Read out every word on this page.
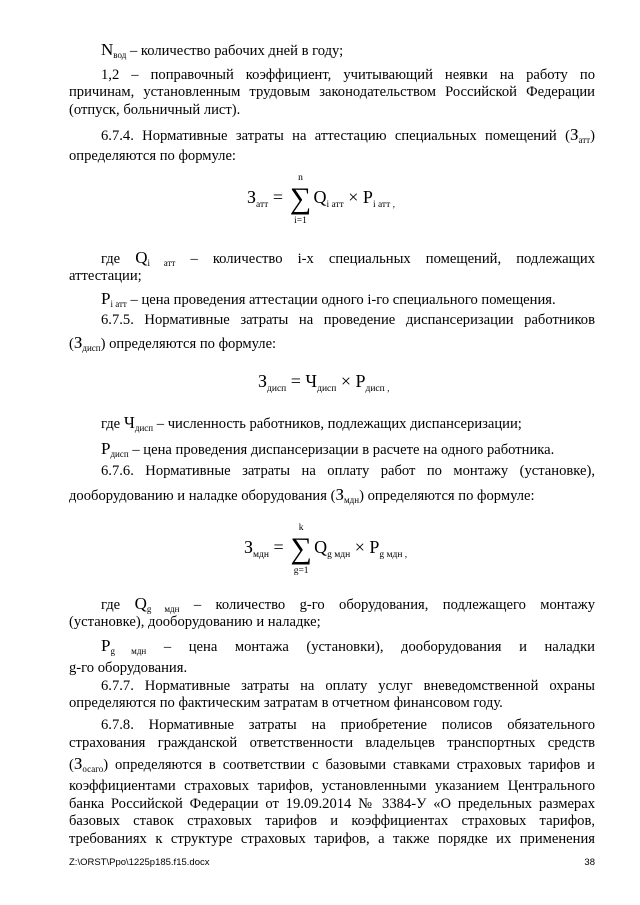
$N_{вод}$ – количество рабочих дней в году;
1,2 – поправочный коэффициент, учитывающий неявки на работу по
причинам, установленным трудовым законодательством Российской Федерации
(отпуск, больничный лист).
6.7.4. Нормативные затраты на аттестацию специальных помещений $(З_{атт})$
определяются по формуле:
$З_{атт}$ =
n
∑
i=1
$Q_{i атт} \times P_{i атт}$ $_,$
где $Q_{i атт}$ – количество i-х специальных помещений, подлежащих
аттестации;
$P_{i атт}$ – цена проведения аттестации одного i-го специального помещения.
6.7.5. Нормативные затраты на проведение диспансеризации работников
$(З_{дисп})$ определяются по формуле:
$З_{дисп} = Ч_{дисп} \times P_{дисп}$ $_,$
где $Ч_{дисп}$ – численность работников, подлежащих диспансеризации;
$P_{дисп}$ – цена проведения диспансеризации в расчете на одного работника.
6.7.6. Нормативные затраты на оплату работ по монтажу (установке),
дооборудованию и наладке оборудования $(З_{мдн})$ определяются по формуле:
$З_{мдн}$ =
k
∑
g=1
$Q_{g мдн} \times P_{g мдн}$ $_,$
где $Q_{g мдн}$ – количество g-го оборудования, подлежащего монтажу
(установке), дооборудованию и наладке;
$P_{g мдн}$ – цена монтажа (установки), дооборудования и наладки
g-го оборудования.
6.7.7. Нормативные затраты на оплату услуг вневедомственной охраны
определяются по фактическим затратам в отчетном финансовом году.
6.7.8. Нормативные затраты на приобретение полисов обязательного
страхования гражданской ответственности владельцев транспортных средств
$(З_{осаго})$ определяются в соответствии с базовыми ставками страховых тарифов и
коэффициентами страховых тарифов, установленными указанием Центрального
банка Российской Федерации от 19.09.2014 № 3384-У «О предельных размерах
базовых ставок страховых тарифов и коэффициентах страховых тарифов,
требованиях к структуре страховых тарифов, а также порядке их применения
Z:\ORST\Ppo\1225p185.f15.docx	38
